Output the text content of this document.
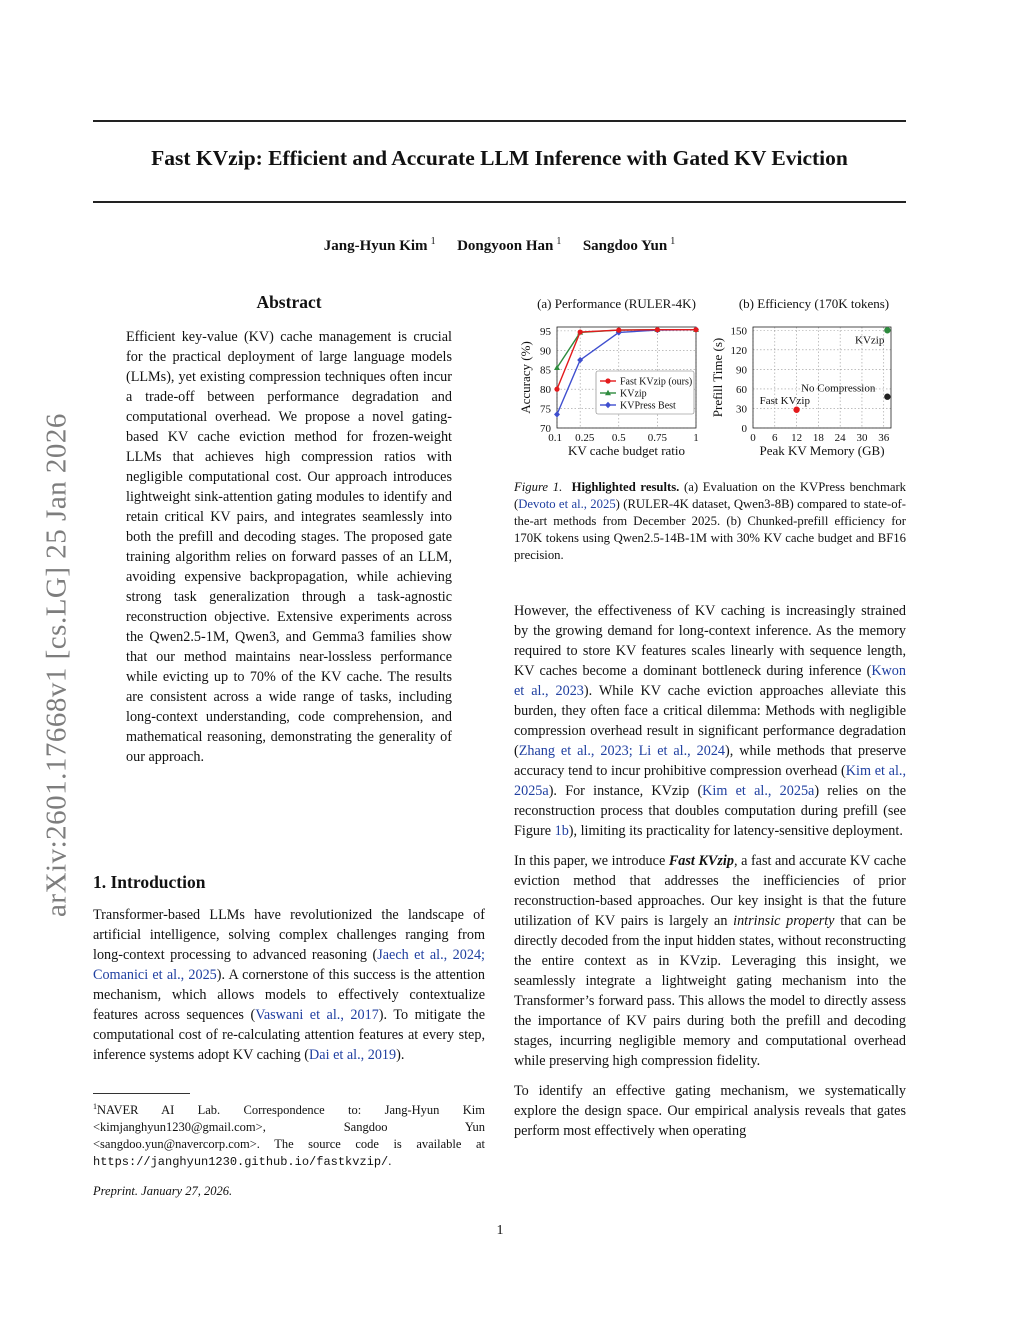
Fast KVzip: Efficient and Accurate LLM Inference with Gated KV Eviction
Jang-Hyun Kim $^1$ Dongyoon Han $^1$ Sangdoo Yun $^1$
arXiv:2601.17668v1 [cs.LG] 25 Jan 2026
Abstract
Efficient key-value (KV) cache management is crucial for the practical deployment of large language models (LLMs), yet existing compression techniques often incur a trade-off between performance degradation and computational overhead. We propose a novel gating-based KV cache eviction method for frozen-weight LLMs that achieves high compression ratios with negligible computational cost. Our approach introduces lightweight sink-attention gating modules to identify and retain critical KV pairs, and integrates seamlessly into both the prefill and decoding stages. The proposed gate training algorithm relies on forward passes of an LLM, avoiding expensive backpropagation, while achieving strong task generalization through a task-agnostic reconstruction objective. Extensive experiments across the Qwen2.5-1M, Qwen3, and Gemma3 families show that our method maintains near-lossless performance while evicting up to 70% of the KV cache. The results are consistent across a wide range of tasks, including long-context understanding, code comprehension, and mathematical reasoning, demonstrating the generality of our approach.
1. Introduction
Transformer-based LLMs have revolutionized the landscape of artificial intelligence, solving complex challenges ranging from long-context processing to advanced reasoning (Jaech et al., 2024; Comanici et al., 2025). A cornerstone of this success is the attention mechanism, which allows models to effectively contextualize features across sequences (Vaswani et al., 2017). To mitigate the computational cost of re-calculating attention features at every step, inference systems adopt KV caching (Dai et al., 2019).
$^1$NAVER AI Lab. Correspondence to: Jang-Hyun Kim <kimjanghyun1230@gmail.com>, Sangdoo Yun <sangdoo.yun@navercorp.com>. The source code is available at https://janghyun1230.github.io/fastkvzip/.
Preprint. January 27, 2026.
(a) Performance (RULER-4K)
70
75
80
85
90
95
0.1 0.25 0.5 0.75 1
KV cache budget ratio
Accuracy (%)	Fast KVzip (ours)
KVzip
KVPress Best
(b) Efficiency (170K tokens)
0
30
60
90
120
150
0 6 12 18 24 30 36
Peak KV Memory (GB)
Prefill Time (s)	KVzip
No Compression
Fast KVzip
Figure 1. Highlighted results. (a) Evaluation on the KVPress benchmark (Devoto et al., 2025) (RULER-4K dataset, Qwen3-8B) compared to state-of-the-art methods from December 2025. (b) Chunked-prefill efficiency for 170K tokens using Qwen2.5-14B-1M with 30% KV cache budget and BF16 precision.

However, the effectiveness of KV caching is increasingly strained by the growing demand for long-context inference. As the memory required to store KV features scales linearly with sequence length, KV caches become a dominant bottleneck during inference (Kwon et al., 2023). While KV cache eviction approaches alleviate this burden, they often face a critical dilemma: Methods with negligible compression overhead result in significant performance degradation (Zhang et al., 2023; Li et al., 2024), while methods that preserve accuracy tend to incur prohibitive compression overhead (Kim et al., 2025a). For instance, KVzip (Kim et al., 2025a) relies on the reconstruction process that doubles computation during prefill (see Figure 1b), limiting its practicality for latency-sensitive deployment.

In this paper, we introduce Fast KVzip, a fast and accurate KV cache eviction method that addresses the inefficiencies of prior reconstruction-based approaches. Our key insight is that the future utilization of KV pairs is largely an intrinsic property that can be directly decoded from the input hidden states, without reconstructing the entire context as in KVzip. Leveraging this insight, we seamlessly integrate a lightweight gating mechanism into the Transformer’s forward pass. This allows the model to directly assess the importance of KV pairs during both the prefill and decoding stages, incurring negligible memory and computational overhead while preserving high compression fidelity.

To identify an effective gating mechanism, we systematically explore the design space. Our empirical analysis reveals that gates perform most effectively when operating

1
